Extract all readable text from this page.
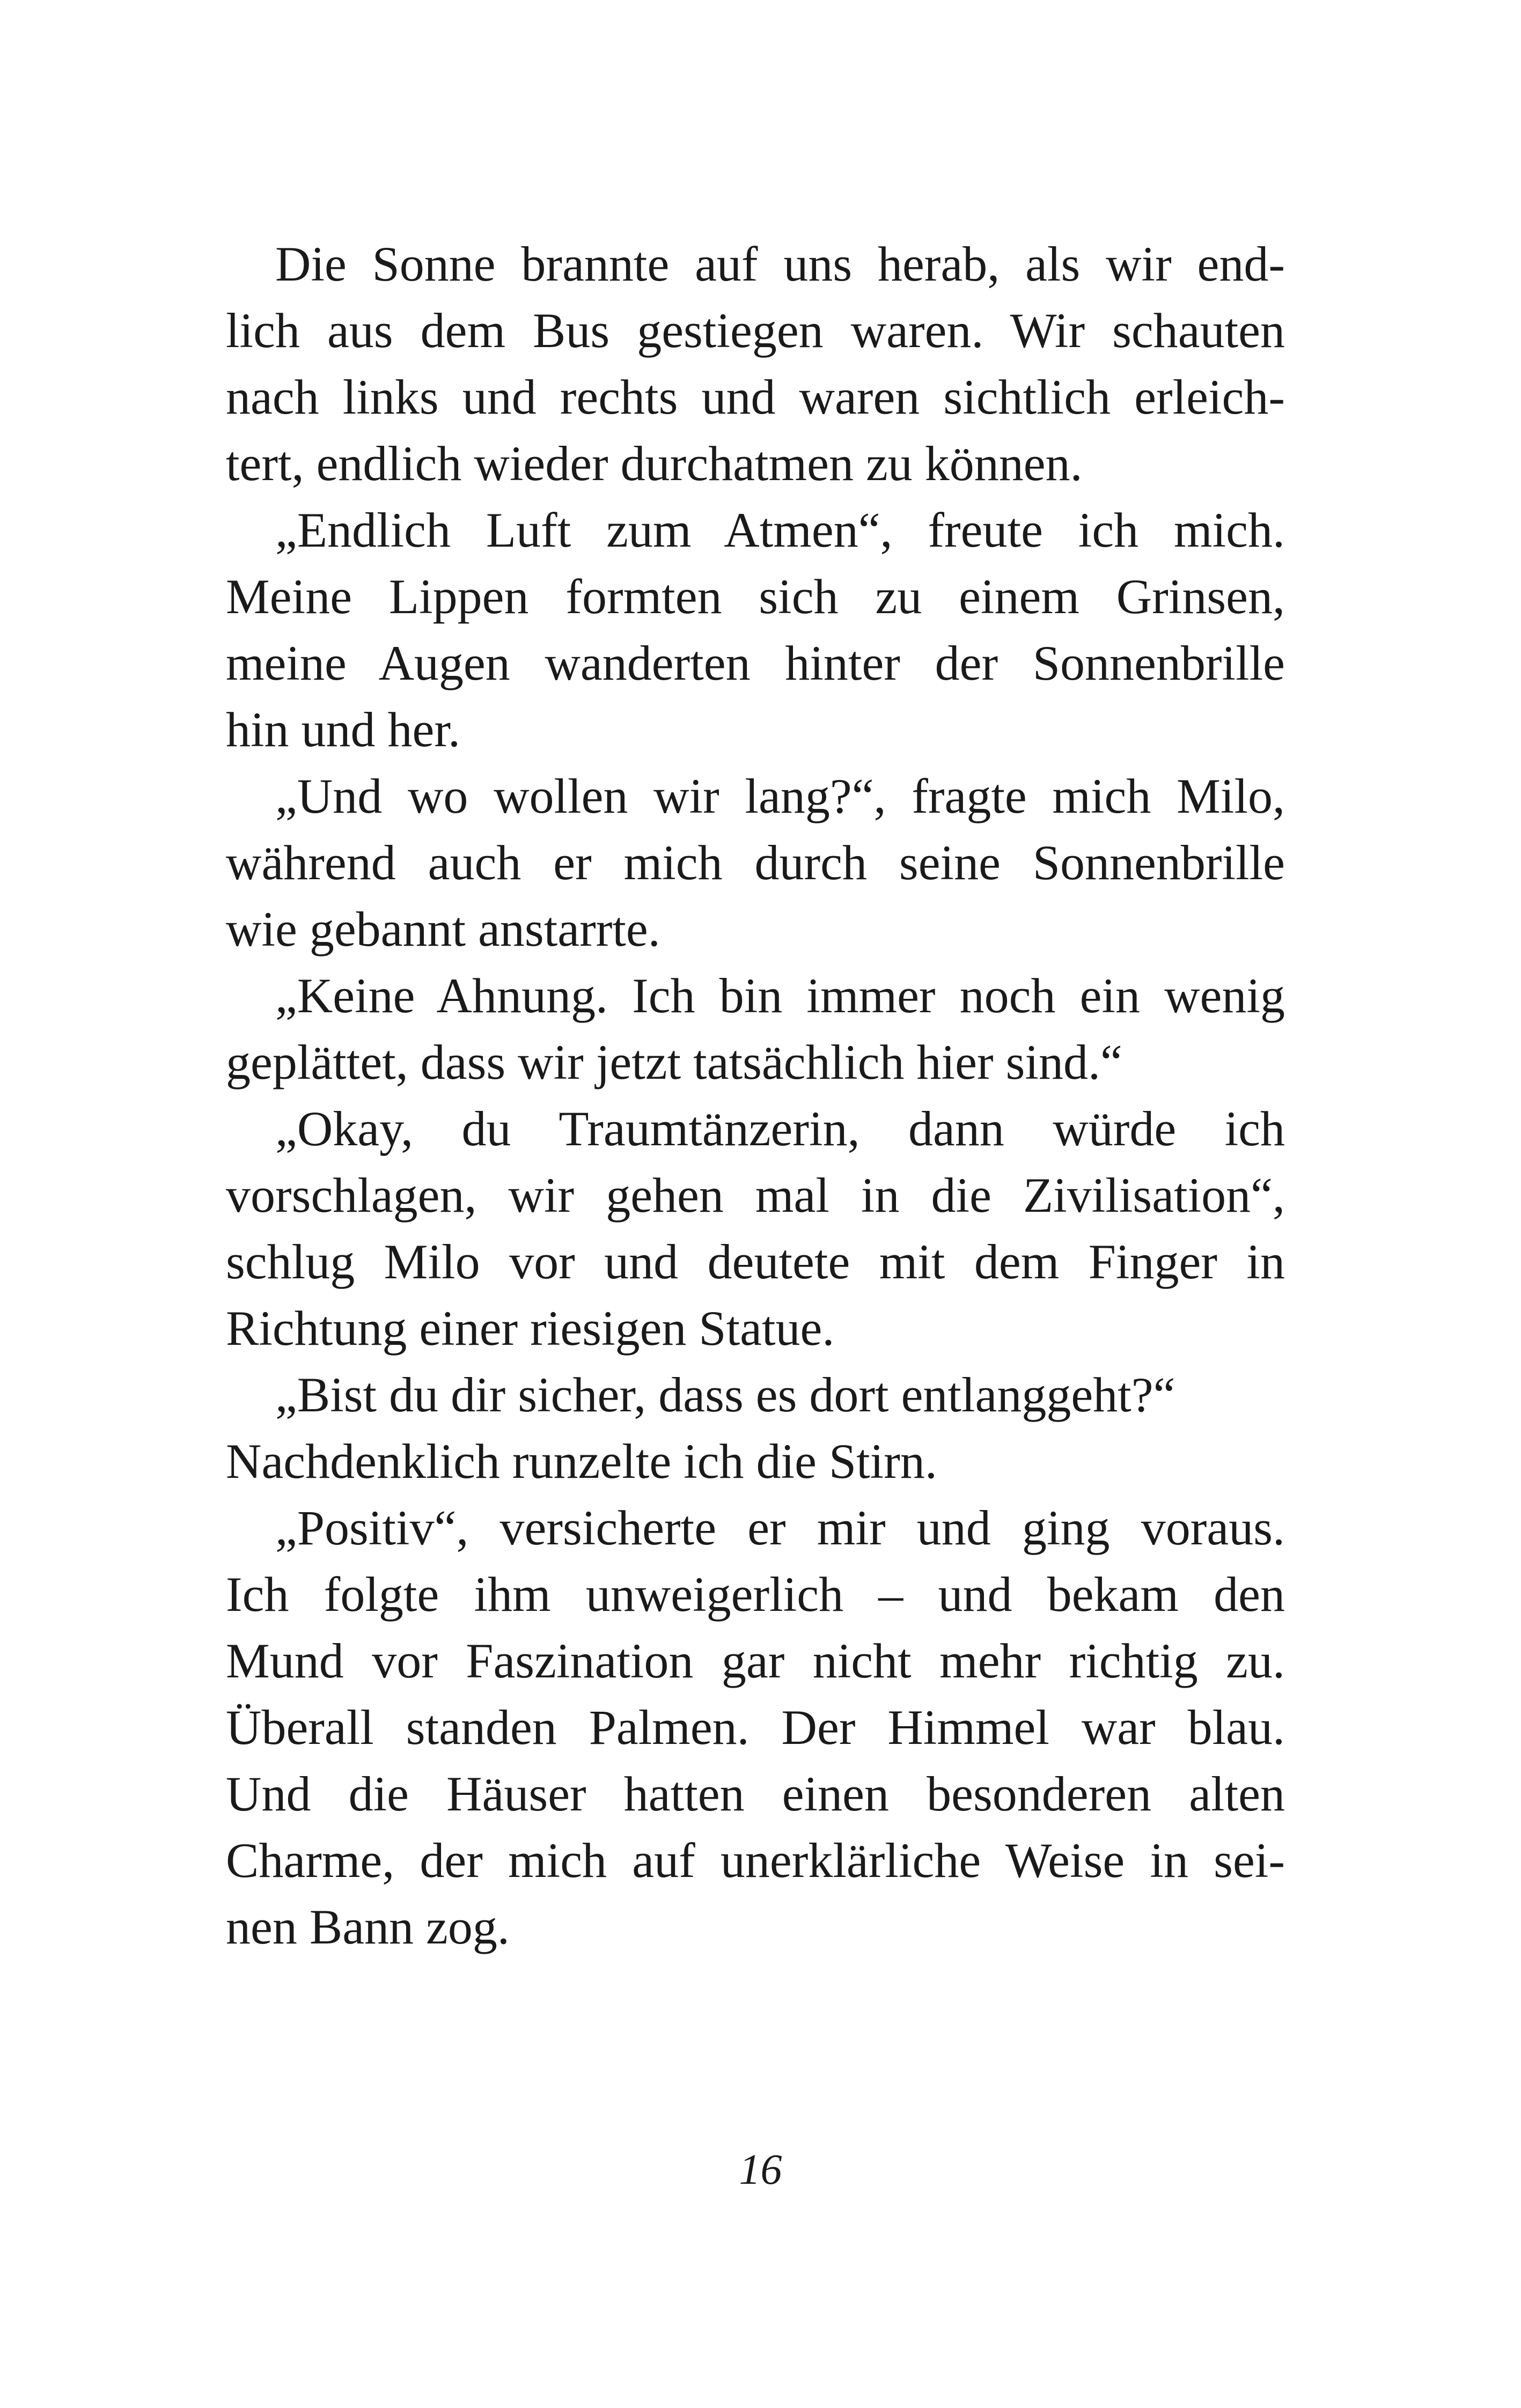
Die Sonne brannte auf uns herab, als wir end-
lich aus dem Bus gestiegen waren. Wir schauten
nach links und rechts und waren sichtlich erleich-
tert, endlich wieder durchatmen zu können.
„Endlich Luft zum Atmen“, freute ich mich.
Meine Lippen formten sich zu einem Grinsen,
meine Augen wanderten hinter der Sonnenbrille
hin und her.
„Und wo wollen wir lang?“, fragte mich Milo,
während auch er mich durch seine Sonnenbrille
wie gebannt anstarrte.
„Keine Ahnung. Ich bin immer noch ein wenig
geplättet, dass wir jetzt tatsächlich hier sind.“
„Okay, du Traumtänzerin, dann würde ich
vorschlagen, wir gehen mal in die Zivilisation“,
schlug Milo vor und deutete mit dem Finger in
Richtung einer riesigen Statue.
„Bist du dir sicher, dass es dort entlanggeht?“
Nachdenklich runzelte ich die Stirn.
„Positiv“, versicherte er mir und ging voraus.
Ich folgte ihm unweigerlich – und bekam den
Mund vor Faszination gar nicht mehr richtig zu.
Überall standen Palmen. Der Himmel war blau.
Und die Häuser hatten einen besonderen alten
Charme, der mich auf unerklärliche Weise in sei-
nen Bann zog.
16
